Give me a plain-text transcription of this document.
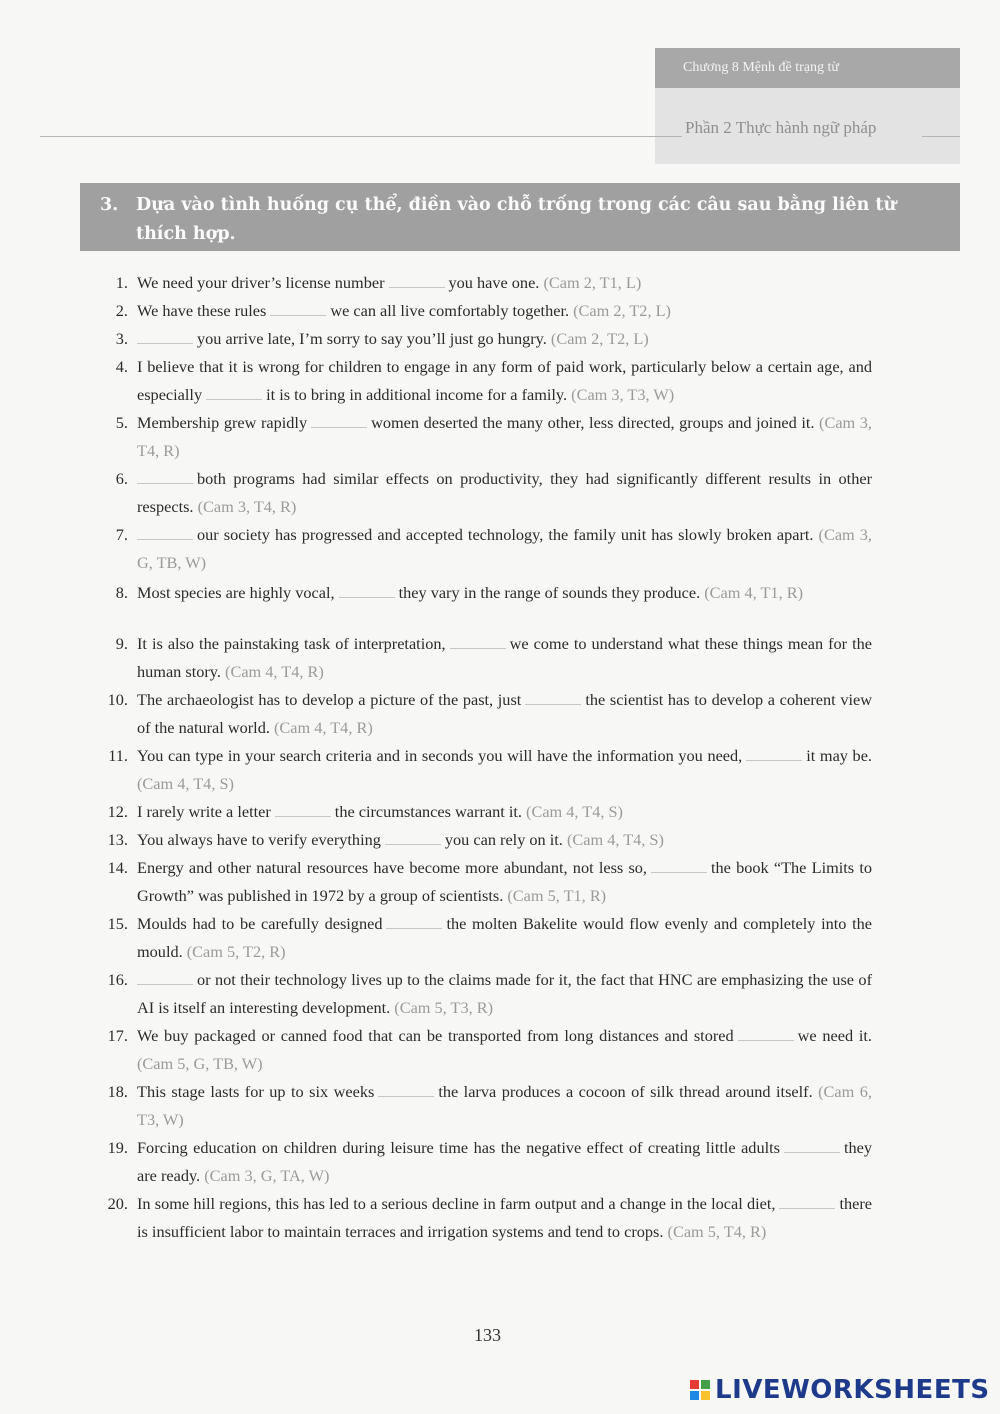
Chương 8 Mệnh đề trạng từ
Phần 2 Thực hành ngữ pháp
3. Dựa vào tình huống cụ thể, điền vào chỗ trống trong các câu sau bằng liên từ
thích hợp.
1. We need your driver’s license number	you have one. (Cam 2, T1, L)
2. We have these rules	we can all live comfortably together. (Cam 2, T2, L)
3.	you arrive late, I’m sorry to say you’ll just go hungry. (Cam 2, T2, L)
4. I believe that it is wrong for children to engage in any form of paid work, particularly below a certain age, and especially	it is to bring in additional income for a family. (Cam 3, T3, W)
5. Membership grew rapidly	women deserted the many other, less directed, groups and joined it. (Cam 3, T4, R)
6.	both programs had similar effects on productivity, they had significantly different results in other respects. (Cam 3, T4, R)
7.	our society has progressed and accepted technology, the family unit has slowly broken apart. (Cam 3, G, TB, W)
8. Most species are highly vocal,	they vary in the range of sounds they produce. (Cam 4, T1, R)
9. It is also the painstaking task of interpretation,	we come to understand what these things mean for the human story. (Cam 4, T4, R)
10. The archaeologist has to develop a picture of the past, just	the scientist has to develop a coherent view of the natural world. (Cam 4, T4, R)
11. You can type in your search criteria and in seconds you will have the information you need,	it may be. (Cam 4, T4, S)
12. I rarely write a letter	the circumstances warrant it. (Cam 4, T4, S)
13. You always have to verify everything	you can rely on it. (Cam 4, T4, S)
14. Energy and other natural resources have become more abundant, not less so,	the book “The Limits to Growth” was published in 1972 by a group of scientists. (Cam 5, T1, R)
15. Moulds had to be carefully designed	the molten Bakelite would flow evenly and completely into the mould. (Cam 5, T2, R)
16.	or not their technology lives up to the claims made for it, the fact that HNC are emphasizing the use of AI is itself an interesting development. (Cam 5, T3, R)
17. We buy packaged or canned food that can be transported from long distances and stored	we need it. (Cam 5, G, TB, W)
18. This stage lasts for up to six weeks	the larva produces a cocoon of silk thread around itself. (Cam 6, T3, W)
19. Forcing education on children during leisure time has the negative effect of creating little adults	they are ready. (Cam 3, G, TA, W)
20. In some hill regions, this has led to a serious decline in farm output and a change in the local diet,	there is insufficient labor to maintain terraces and irrigation systems and tend to crops. (Cam 5, T4, R)
133
LIVEWORKSHEETS
